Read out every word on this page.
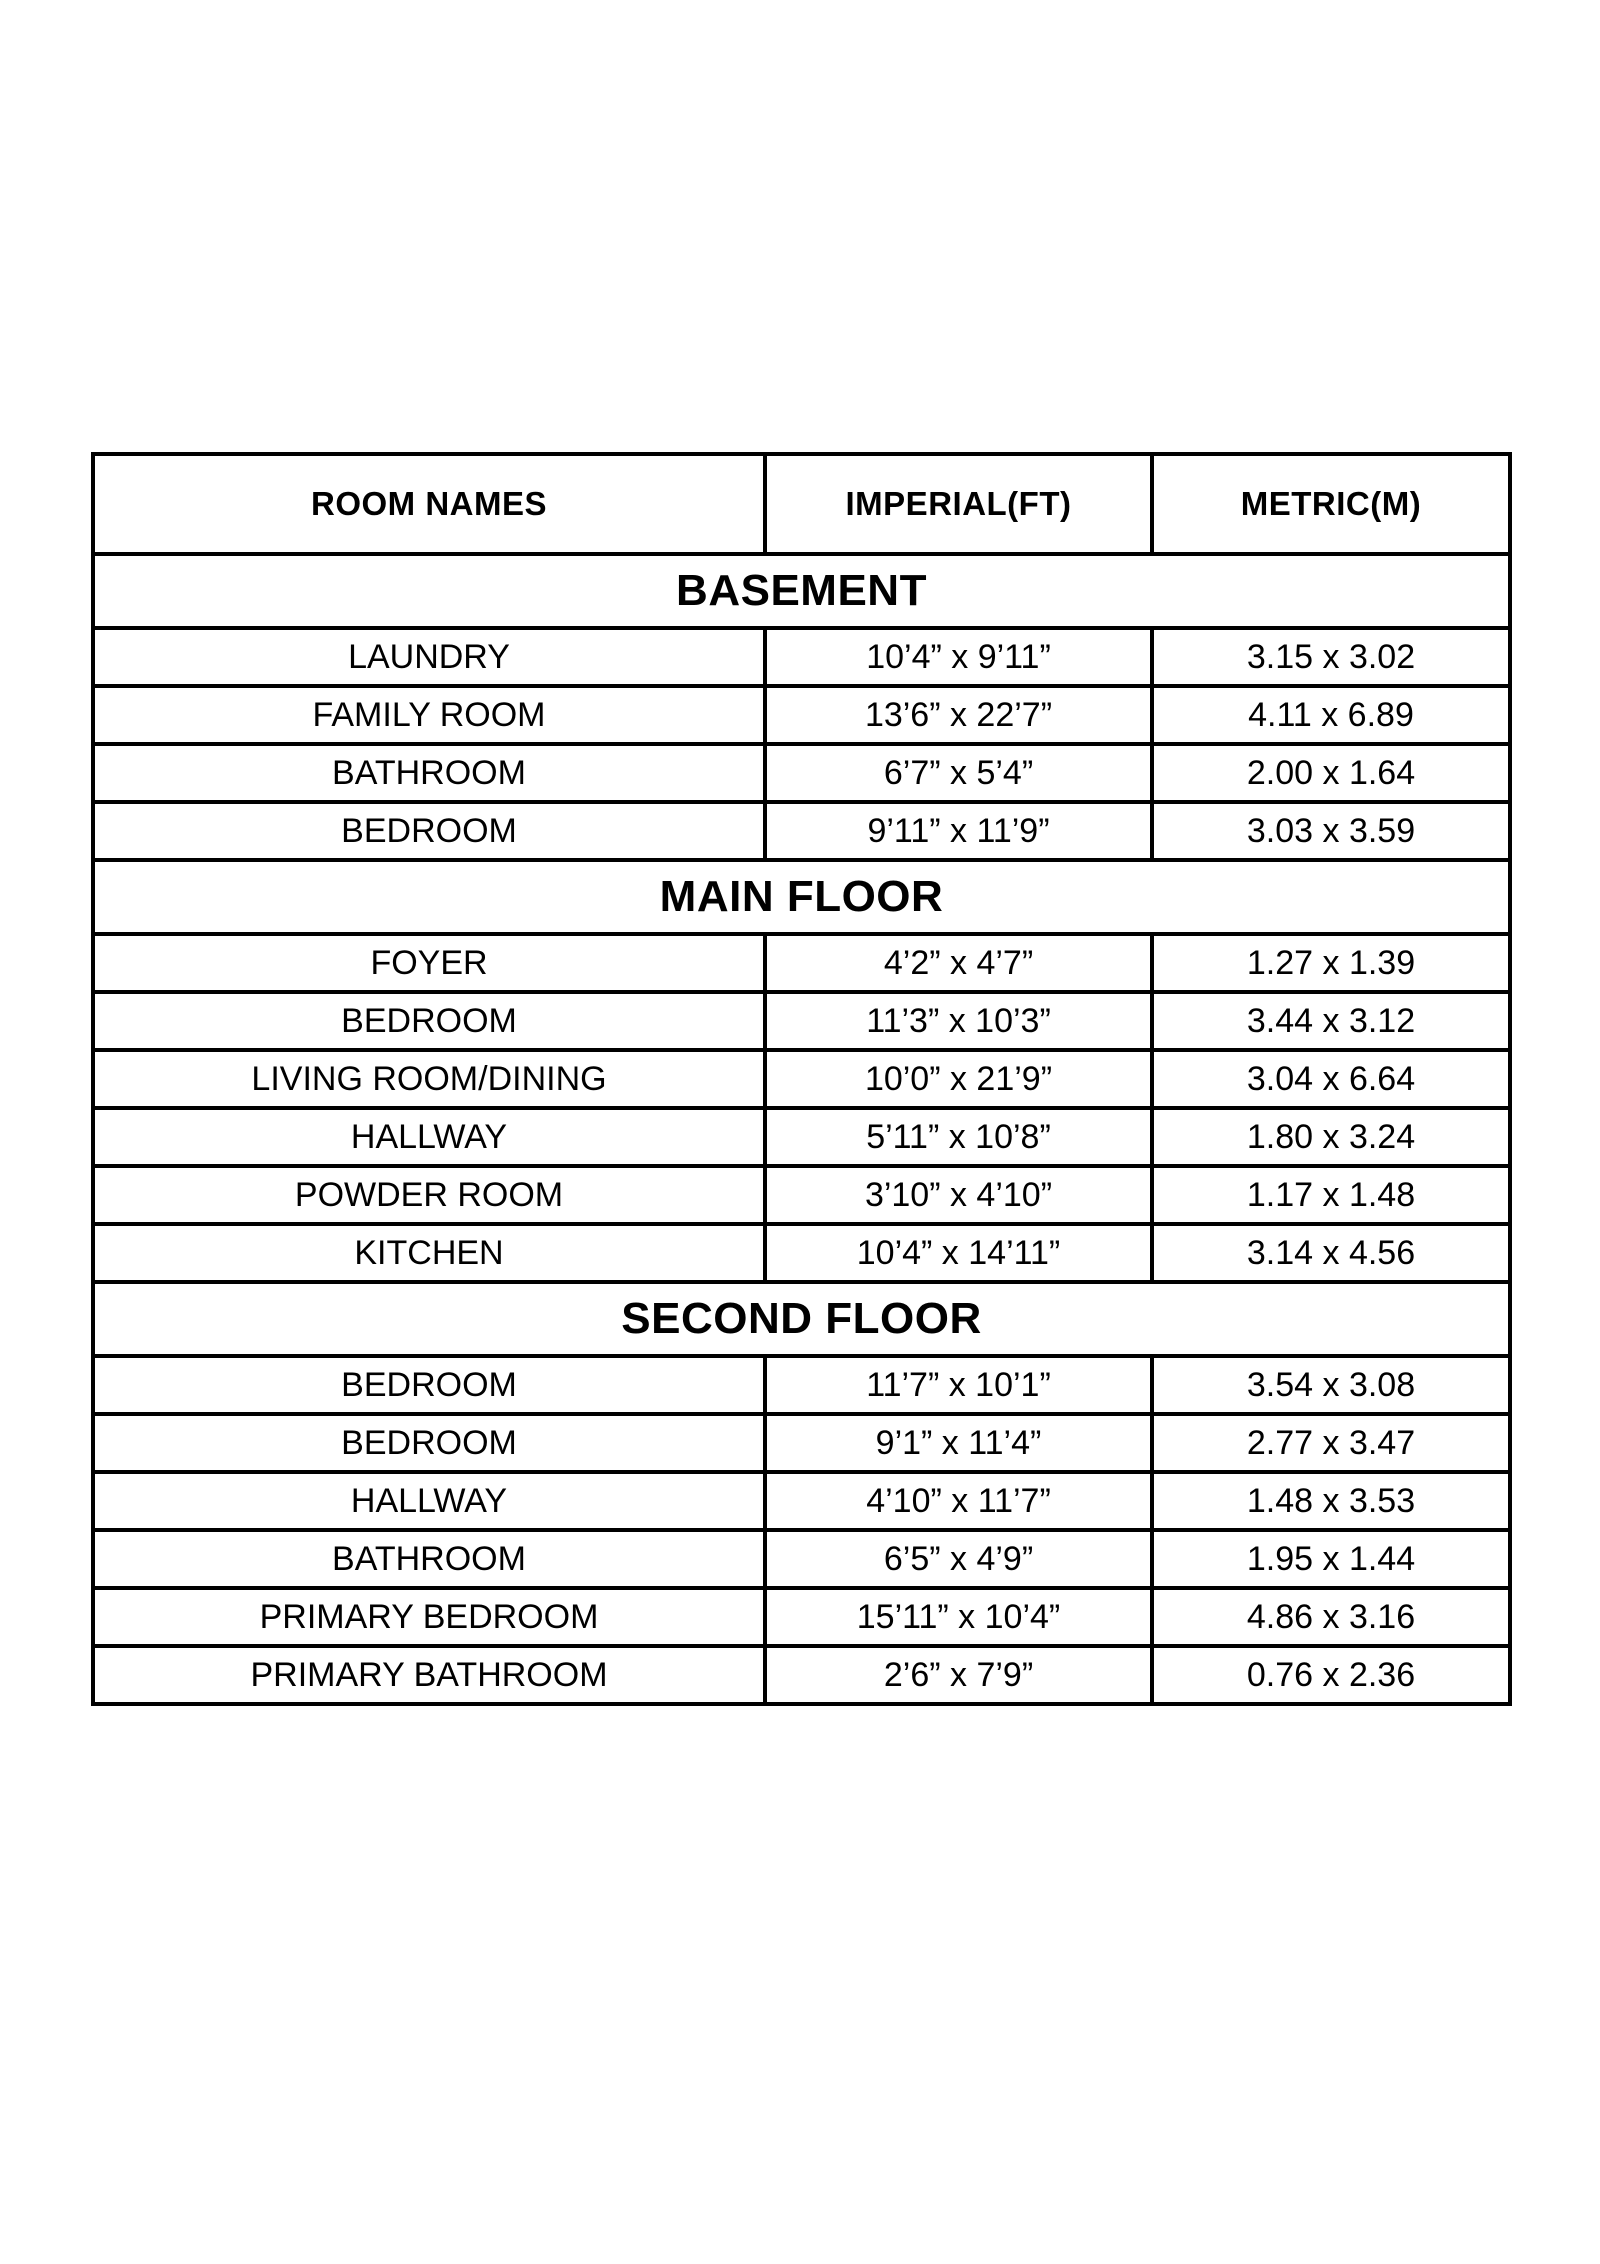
ROOM NAMES	IMPERIAL(FT)	METRIC(M)
BASEMENT		
LAUNDRY	10’4” x 9’11”	3.15 x 3.02
FAMILY ROOM	13’6” x 22’7”	4.11 x 6.89
BATHROOM	6’7” x 5’4”	2.00 x 1.64
BEDROOM	9’11” x 11’9”	3.03 x 3.59
MAIN FLOOR		
FOYER	4’2” x 4’7”	1.27 x 1.39
BEDROOM	11’3” x 10’3”	3.44 x 3.12
LIVING ROOM/DINING	10’0” x 21’9”	3.04 x 6.64
HALLWAY	5’11” x 10’8”	1.80 x 3.24
POWDER ROOM	3’10” x 4’10”	1.17 x 1.48
KITCHEN	10’4” x 14’11”	3.14 x 4.56
SECOND FLOOR		
BEDROOM	11’7” x 10’1”	3.54 x 3.08
BEDROOM	9’1” x 11’4”	2.77 x 3.47
HALLWAY	4’10” x 11’7”	1.48 x 3.53
BATHROOM	6’5” x 4’9”	1.95 x 1.44
PRIMARY BEDROOM	15’11” x 10’4”	4.86 x 3.16
PRIMARY BATHROOM	2’6” x 7’9”	0.76 x 2.36
